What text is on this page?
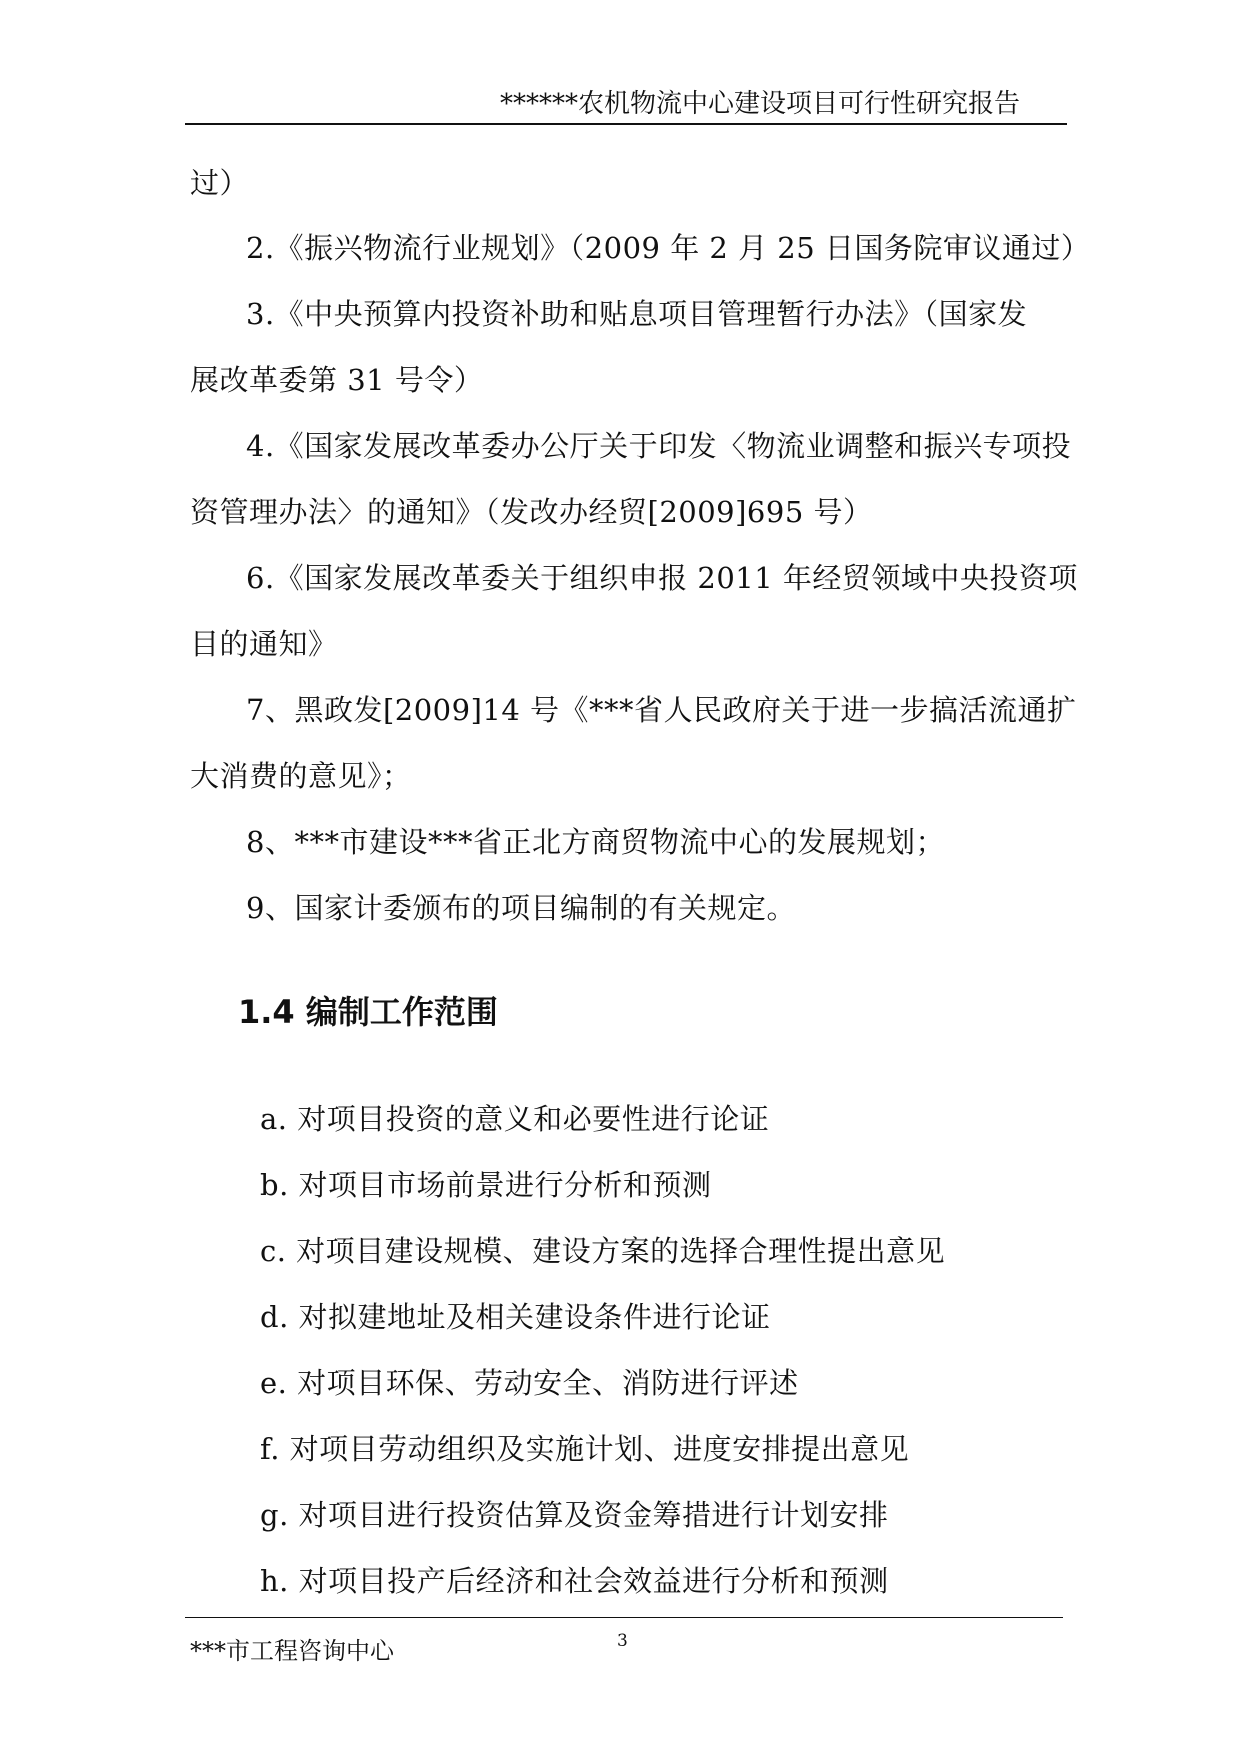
******农机物流中心建设项目可行性研究报告
过）
2.《振兴物流行业规划》（2009 年 2 月 25 日国务院审议通过）
3.《中央预算内投资补助和贴息项目管理暂行办法》（国家发
展改革委第 31 号令）
4.《国家发展改革委办公厅关于印发〈物流业调整和振兴专项投
资管理办法〉的通知》（发改办经贸[2009]695 号）
6.《国家发展改革委关于组织申报 2011 年经贸领域中央投资项
目的通知》
7、黑政发[2009]14 号《***省人民政府关于进一步搞活流通扩
大消费的意见》；
8、***市建设***省正北方商贸物流中心的发展规划；
9、国家计委颁布的项目编制的有关规定。
1.4 编制工作范围
a. 对项目投资的意义和必要性进行论证
b. 对项目市场前景进行分析和预测
c. 对项目建设规模、建设方案的选择合理性提出意见
d. 对拟建地址及相关建设条件进行论证
e. 对项目环保、劳动安全、消防进行评述
f. 对项目劳动组织及实施计划、进度安排提出意见
g. 对项目进行投资估算及资金筹措进行计划安排
h. 对项目投产后经济和社会效益进行分析和预测
***市工程咨询中心	3
